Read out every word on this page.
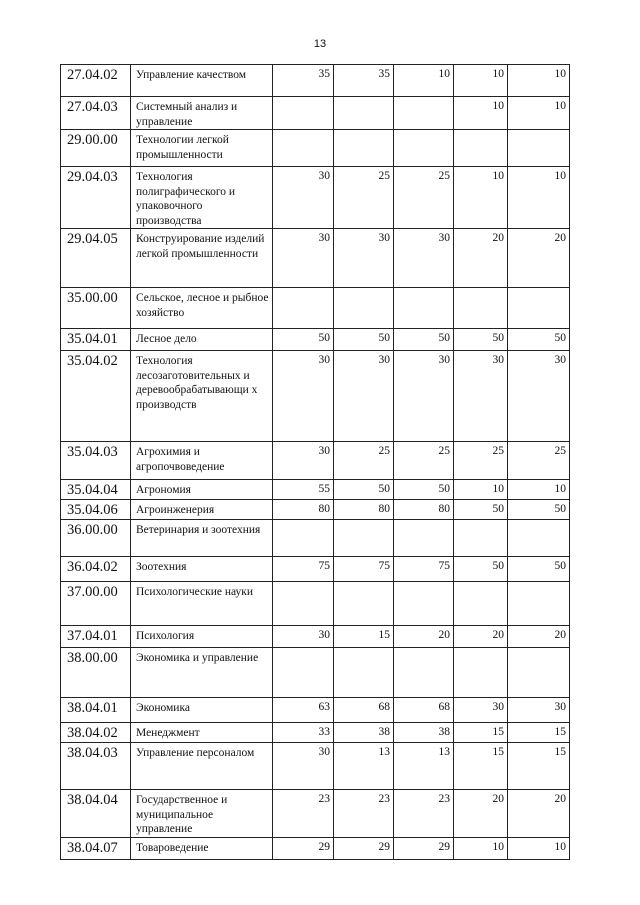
13
27.04.02	Управление качеством	35	35	10	10	10
27.04.03	Системный анализ и управление				10	10
29.00.00	Технологии легкой промышленности					
29.04.03	Технология полиграфического и упаковочного производства	30	25	25	10	10
29.04.05	Конструирование изделий легкой промышленности	30	30	30	20	20
35.00.00	Сельское, лесное и рыбное хозяйство					
35.04.01	Лесное дело	50	50	50	50	50
35.04.02	Технология лесозаготовительных и деревообрабатывающи х производств	30	30	30	30	30
35.04.03	Агрохимия и агропочвоведение	30	25	25	25	25
35.04.04	Агрономия	55	50	50	10	10
35.04.06	Агроинженерия	80	80	80	50	50
36.00.00	Ветеринария и зоотехния					
36.04.02	Зоотехния	75	75	75	50	50
37.00.00	Психологические науки					
37.04.01	Психология	30	15	20	20	20
38.00.00	Экономика и управление					
38.04.01	Экономика	63	68	68	30	30
38.04.02	Менеджмент	33	38	38	15	15
38.04.03	Управление персоналом	30	13	13	15	15
38.04.04	Государственное и муниципальное управление	23	23	23	20	20
38.04.07	Товароведение	29	29	29	10	10
